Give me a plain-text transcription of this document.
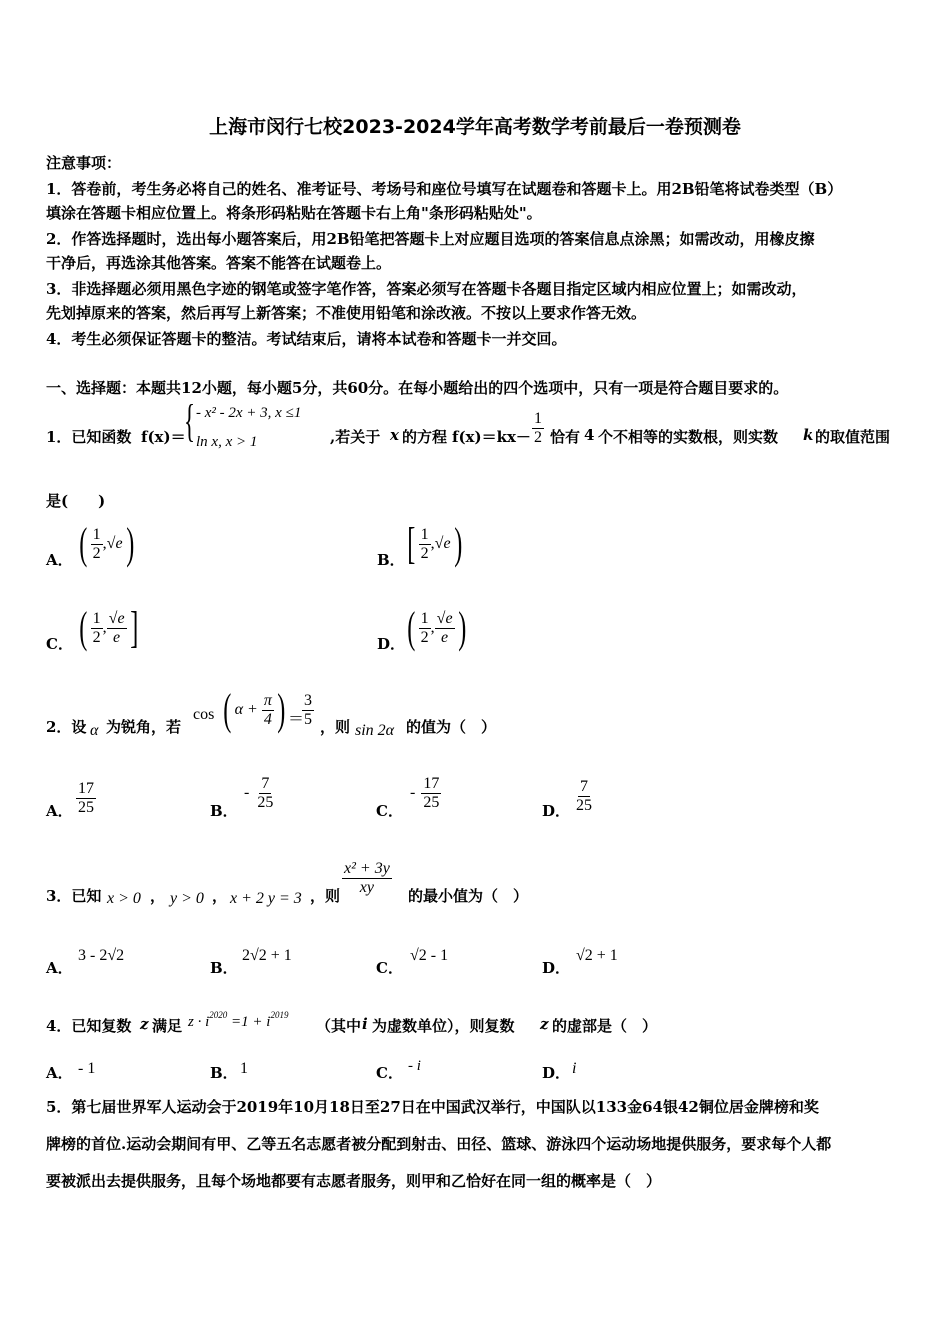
上海市闵行七校2023-2024学年高考数学考前最后一卷预测卷
注意事项：
1．答卷前，考生务必将自己的姓名、准考证号、考场号和座位号填写在试题卷和答题卡上。用2B铅笔将试卷类型（B）
填涂在答题卡相应位置上。将条形码粘贴在答题卡右上角"条形码粘贴处"。
2．作答选择题时，选出每小题答案后，用2B铅笔把答题卡上对应题目选项的答案信息点涂黑；如需改动，用橡皮擦
干净后，再选涂其他答案。答案不能答在试题卷上。
3．非选择题必须用黑色字迹的钢笔或签字笔作答，答案必须写在答题卡各题目指定区域内相应位置上；如需改动，
先划掉原来的答案，然后再写上新答案；不准使用铅笔和涂改液。不按以上要求作答无效。
4．考生必须保证答题卡的整洁。考试结束后，请将本试卷和答题卡一并交回。
一、选择题：本题共12小题，每小题5分，共60分。在每小题给出的四个选项中，只有一项是符合题目要求的。
1．已知函数 f(x)＝
{ - x² - 2x + 3, x ≤1
ln x, x > 1	,若关于 x 的方程 $f(x)=kx- \frac{1}{2}$ 恰有 4 个不相等的实数根，则实数 k 的取值范围
是(　　)
A． ( $\frac{1}{2} ,√e$)	B． [ $\frac{1}{2} ,√e$)
C． ( $\frac{1}{2}$ , $\frac{√e}{e}$ ]	D． ( $\frac{1}{2}$ , $\frac{√e}{e}$ )
2．设 α 为锐角，若
cos ( $\alpha + \frac{\pi}{4}$ ) ＝
$\frac{3}{5}$ ，则 sin 2α 的值为（　）
A． $\frac{17}{25}$	B．
- $\frac{7}{25}$	C．
- $\frac{17}{25}$	D． $\frac{7}{25}$
3．已知 x > 0 ， y > 0 ， x + 2 y = 3 ，则 $\frac{\text{x² + 3y}}{xy}$ 的最小值为（　）
A．
3 - 2√2
B．
2√2 + 1
C．
√2 - 1
D．
√2 + 1
4．已知复数 z 满足 $z \cdot i^{2020} =1 + i^{2019}$
（其中 i 为虚数单位），则复数 z 的虚部是（　）
A． - 1	B． 1	C． - i	D． i
5．第七届世界军人运动会于2019年10月18日至27日在中国武汉举行，中国队以133金64银42铜位居金牌榜和奖
牌榜的首位.运动会期间有甲、乙等五名志愿者被分配到射击、田径、篮球、游泳四个运动场地提供服务，要求每个人都
要被派出去提供服务，且每个场地都要有志愿者服务，则甲和乙恰好在同一组的概率是（　）
